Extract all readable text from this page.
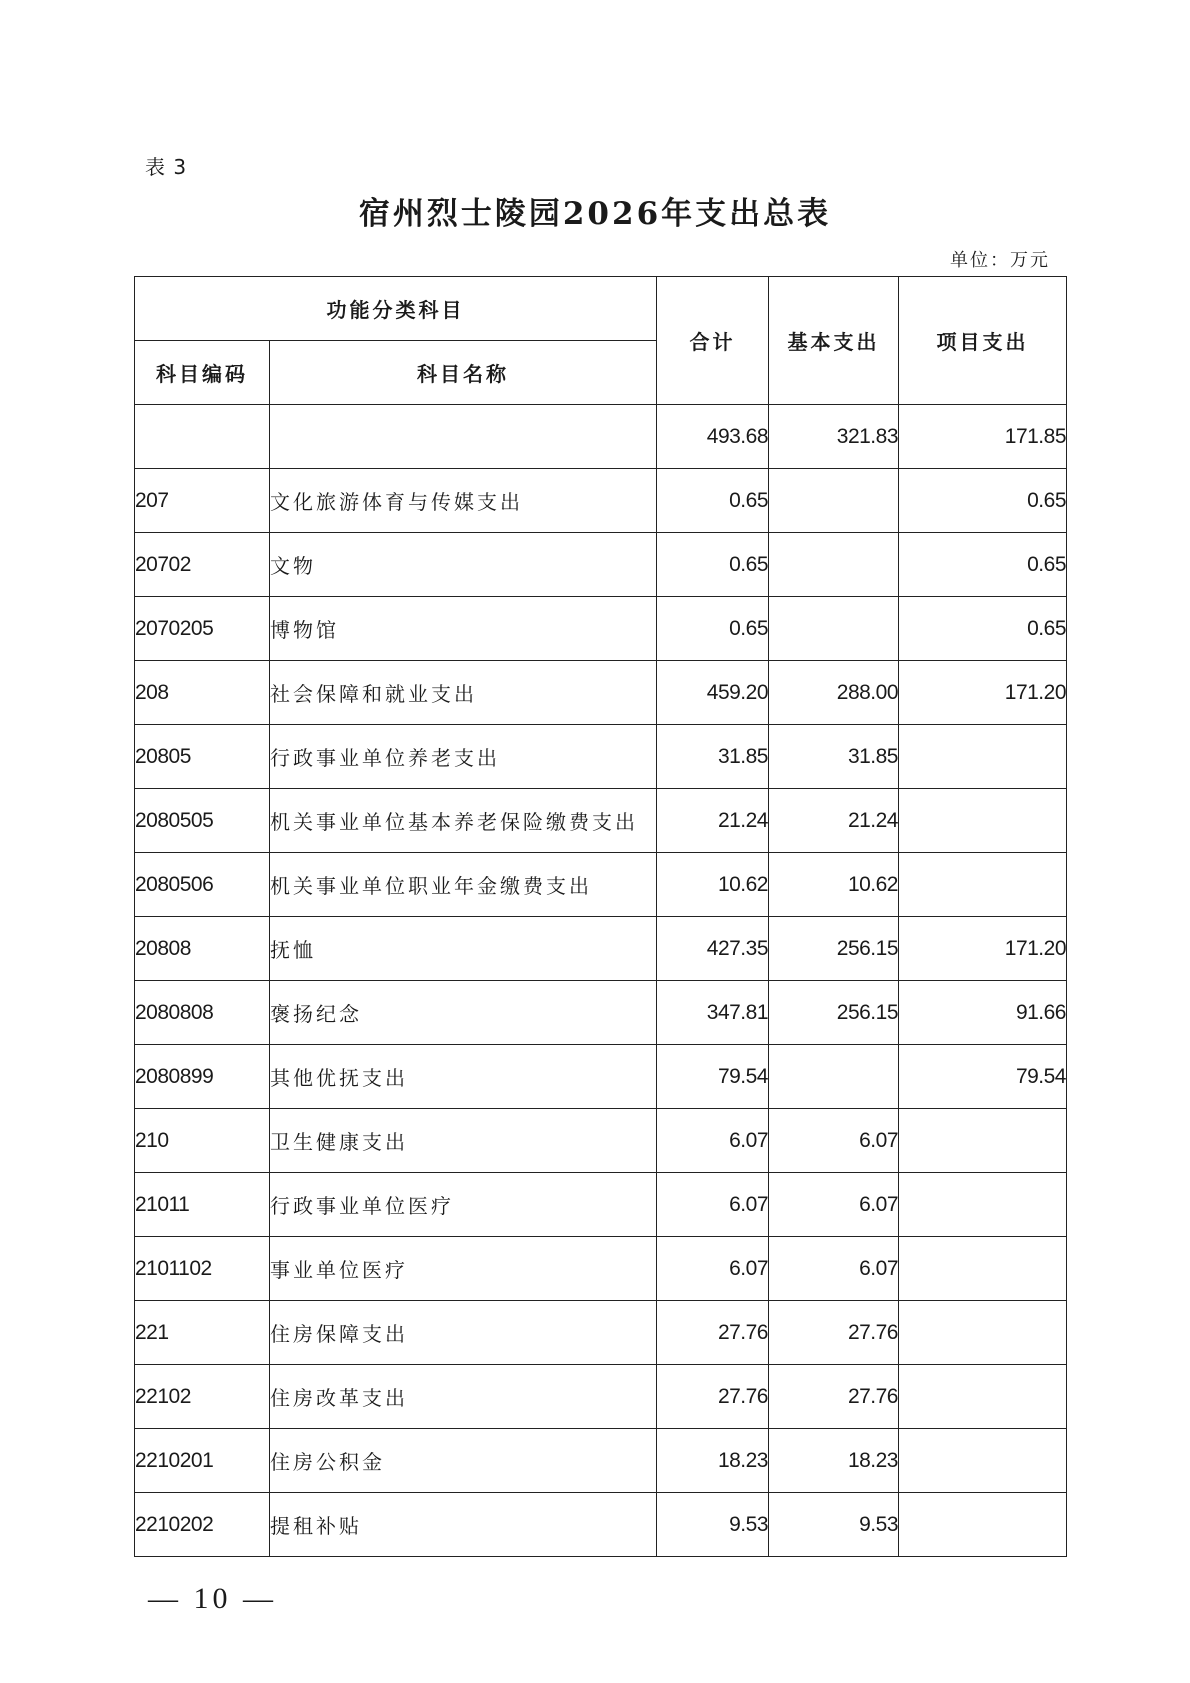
表 3
宿州烈士陵园2026年支出总表
单位：万元
功能分类科目		合计	基本支出	项目支出
科目编码	科目名称			
		493.68	321.83	171.85
207	文化旅游体育与传媒支出	0.65		0.65
20702	文物	0.65		0.65
2070205	博物馆	0.65		0.65
208	社会保障和就业支出	459.20	288.00	171.20
20805	行政事业单位养老支出	31.85	31.85	
2080505	机关事业单位基本养老保险缴费支出	21.24	21.24	
2080506	机关事业单位职业年金缴费支出	10.62	10.62	
20808	抚恤	427.35	256.15	171.20
2080808	褒扬纪念	347.81	256.15	91.66
2080899	其他优抚支出	79.54		79.54
210	卫生健康支出	6.07	6.07	
21011	行政事业单位医疗	6.07	6.07	
2101102	事业单位医疗	6.07	6.07	
221	住房保障支出	27.76	27.76	
22102	住房改革支出	27.76	27.76	
2210201	住房公积金	18.23	18.23	
2210202	提租补贴	9.53	9.53	
— 10 —
